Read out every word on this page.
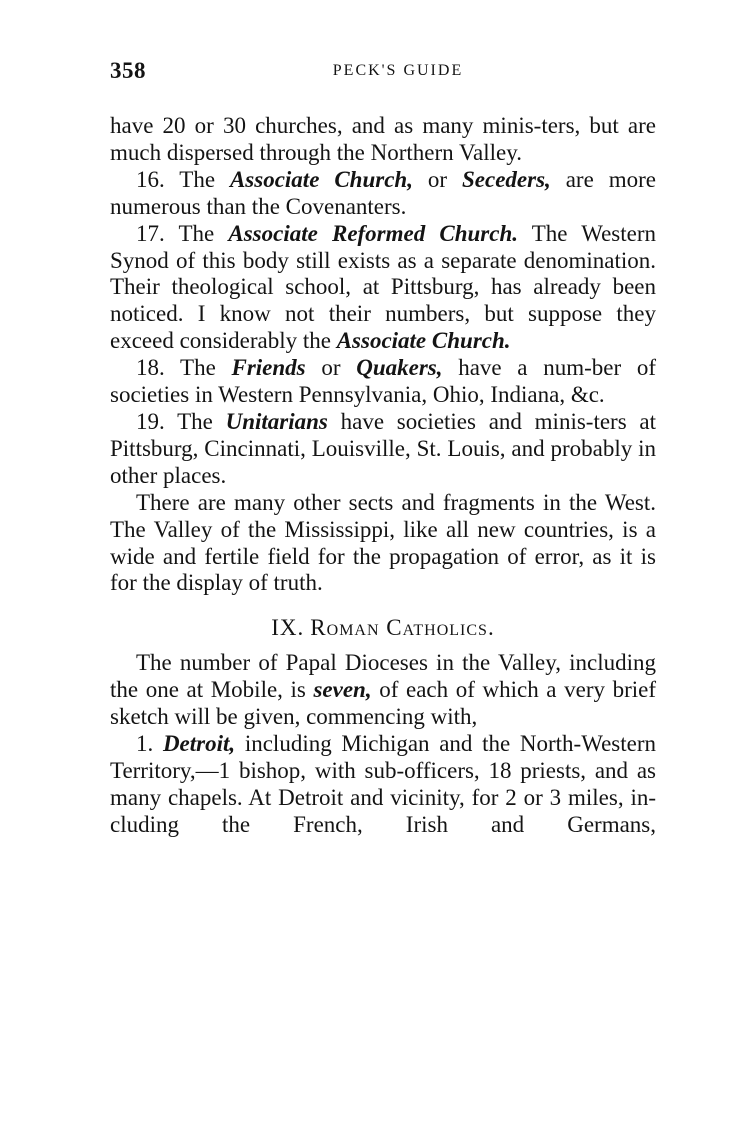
358	PECK'S GUIDE

have 20 or 30 churches, and as many minis-ters, but are much dispersed through the Northern Valley.

16. The Associate Church, or Seceders, are more numerous than the Covenanters.

17. The Associate Reformed Church. The Western Synod of this body still exists as a separate denomination. Their theological school, at Pittsburg, has already been noticed. I know not their numbers, but suppose they exceed considerably the Associate Church.

18. The Friends or Quakers, have a num-ber of societies in Western Pennsylvania, Ohio, Indiana, &c.

19. The Unitarians have societies and minis-ters at Pittsburg, Cincinnati, Louisville, St. Louis, and probably in other places.

There are many other sects and fragments in the West. The Valley of the Mississippi, like all new countries, is a wide and fertile field for the propagation of error, as it is for the display of truth.

IX. Roman Catholics.

The number of Papal Dioceses in the Valley, including the one at Mobile, is seven, of each of which a very brief sketch will be given, commencing with,

1. Detroit, including Michigan and the North-Western Territory,—1 bishop, with sub-officers, 18 priests, and as many chapels. At Detroit and vicinity, for 2 or 3 miles, in-cluding the French, Irish and Germans,
